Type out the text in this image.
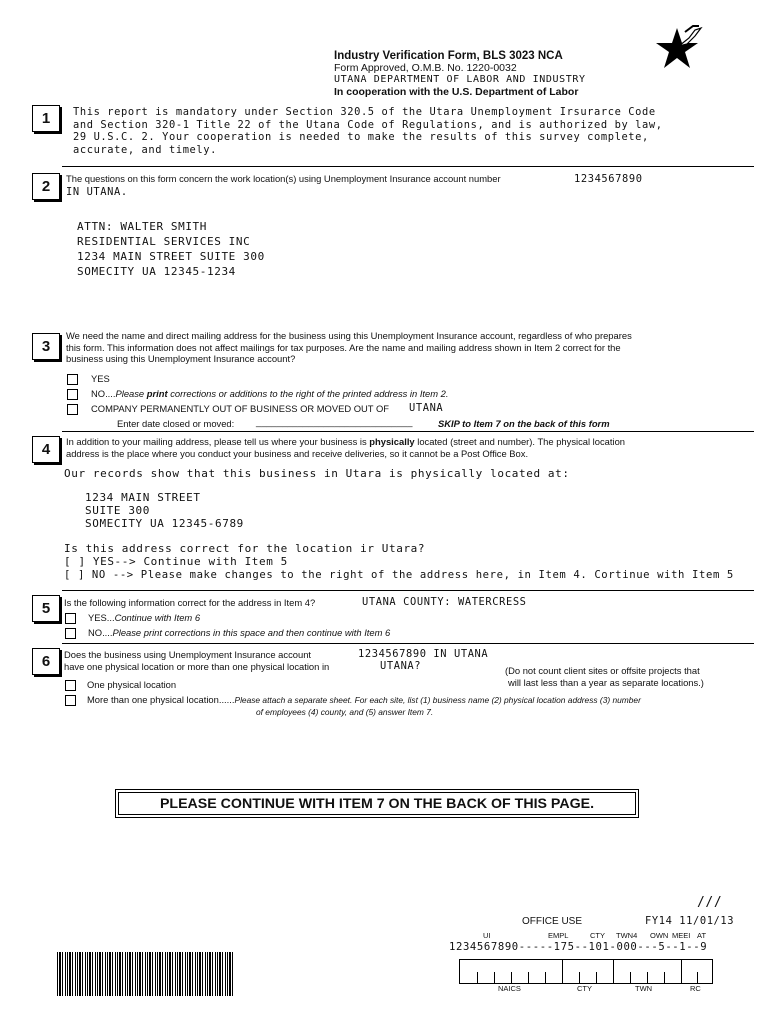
Industry Verification Form, BLS 3023 NCA
Form Approved, O.M.B. No. 1220-0032
UTANA DEPARTMENT OF LABOR AND INDUSTRY
In cooperation with the U.S. Department of Labor
1	This report is mandatory under Section 320.5 of the Utara Unemployment Irsurarce Code
and Section 320-1 Title 22 of the Utana Code of Regulations, and is authorized by law,
29 U.S.C. 2. Your cooperation is needed to make the results of this survey complete,
accurate, and timely.
2	The questions on this form concern the work location(s) using Unemployment Insurance account number	1234567890
IN UTANA.
ATTN: WALTER SMITH
RESIDENTIAL SERVICES INC
1234 MAIN STREET SUITE 300
SOMECITY UA 12345-1234
3
We need the name and direct mailing address for the business using this Unemployment Insurance account, regardless of who prepares
this form. This information does not affect mailings for tax purposes. Are the name and mailing address shown in Item 2 correct for the
business using this Unemployment Insurance account?
YES
NO....Please print corrections or additions to the right of the printed address in Item 2.
COMPANY PERMANENTLY OUT OF BUSINESS OR MOVED OUT OF UTANA
Enter date closed or moved: ______________________________	SKIP to Item 7 on the back of this form
4	In addition to your mailing address, please tell us where your business is physically located (street and number). The physical location
address is the place where you conduct your business and receive deliveries, so it cannot be a Post Office Box.
Our records show that this business in Utara is physically located at:
1234 MAIN STREET
SUITE 300
SOMECITY UA 12345-6789
Is this address correct for the location ir Utara?
[ ] YES--> Continue with Item 5
[ ] NO --> Please make changes to the right of the address here, in Item 4. Cortinue with Item 5
5	Is the following information correct for the address in Item 4?	UTANA COUNTY: WATERCRESS
YES...Continue with Item 6
NO....Please print corrections in this space and then continue with Item 6
6	Does the business using Unemployment Insurance account	1234567890 IN UTANA
have one physical location or more than one physical location in	UTANA?	(Do not count client sites or offsite projects that
will last less than a year as separate locations.)
One physical location
More than one physical location......Please attach a separate sheet. For each site, list (1) business name (2) physical location address (3) number
of employees (4) county, and (5) answer Item 7.
PLEASE CONTINUE WITH ITEM 7 ON THE BACK OF THIS PAGE.
///
OFFICE USE	FY14 11/01/13
UI	EMPL	CTY TWN4 OWN MEEI AT
1234567890-----175--101-000---5--1--9
NAICS	CTY	TWN	RC
